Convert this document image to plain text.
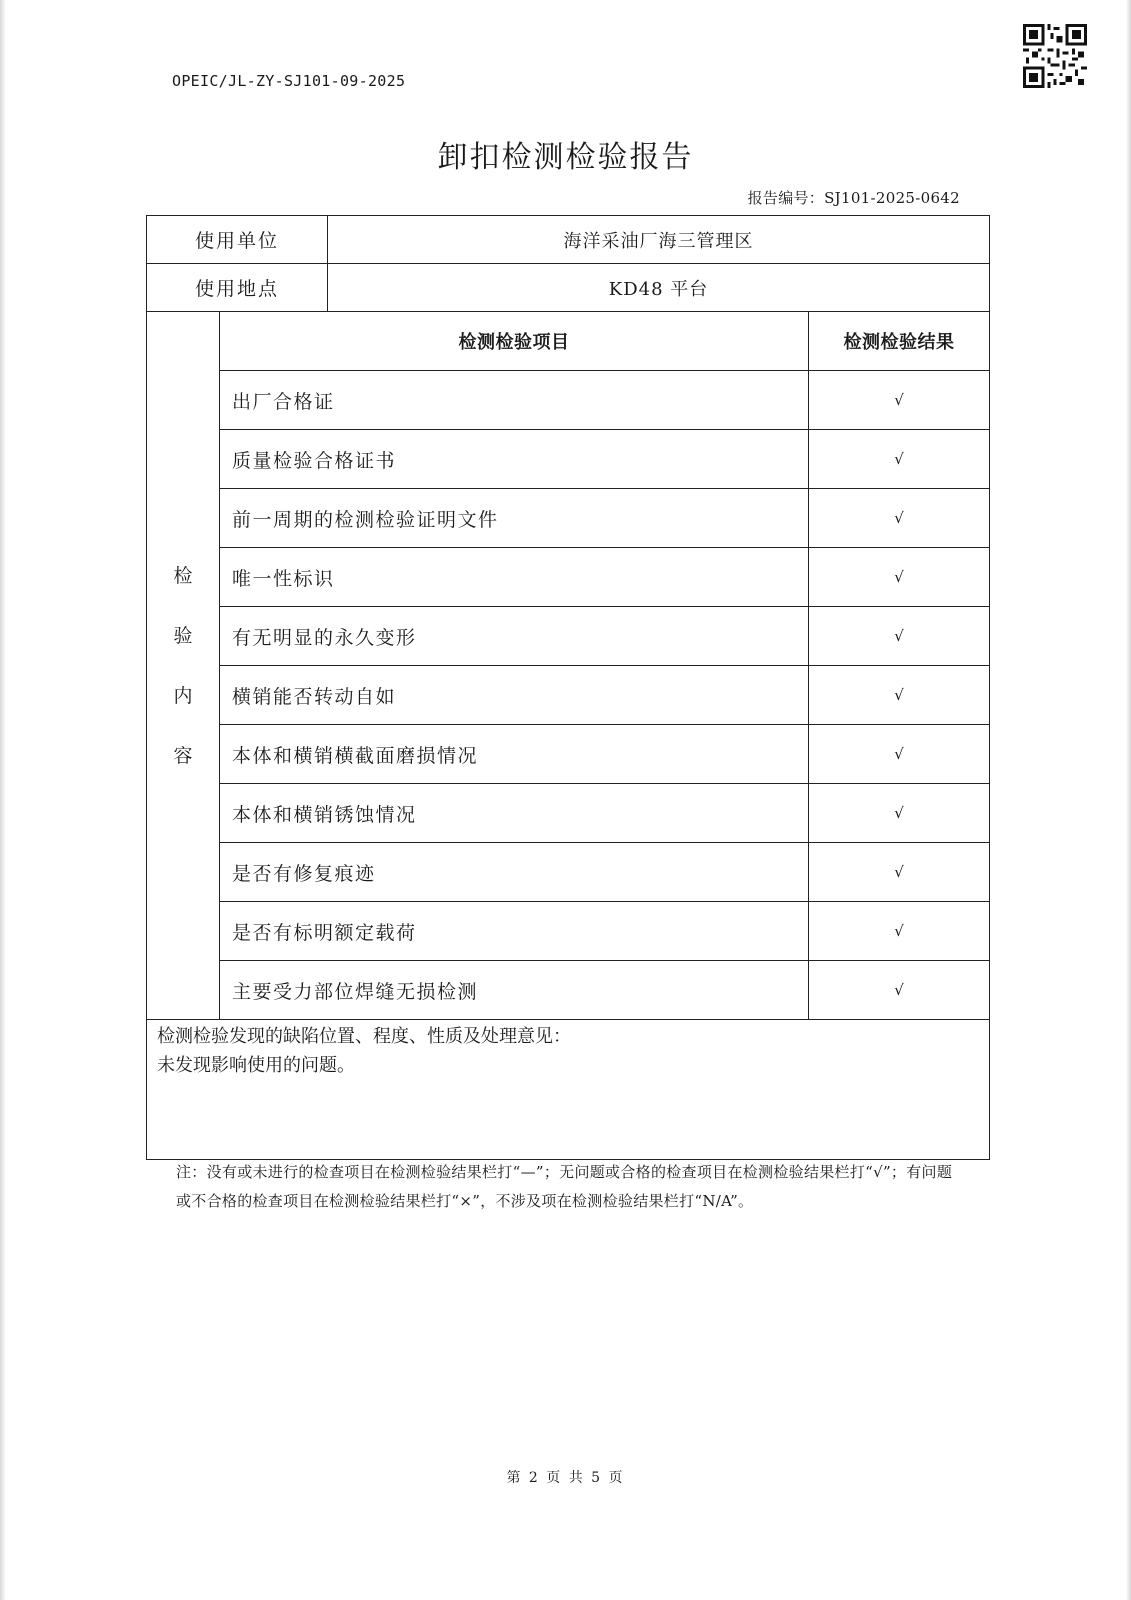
OPEIC/JL-ZY-SJ101-09-2025
卸扣检测检验报告
报告编号：SJ101-2025-0642
使用单位		海洋采油厂海三管理区	
使用地点		KD48 平台	

检
验
内
容	检测检验项目		检测检验结果
	出厂合格证		√
	质量检验合格证书		√
	前一周期的检测检验证明文件		√
	唯一性标识		√
	有无明显的永久变形		√
	横销能否转动自如		√
	本体和横销横截面磨损情况		√
	本体和横销锈蚀情况		√
	是否有修复痕迹		√
	是否有标明额定载荷		√
	主要受力部位焊缝无损检测		√

检测检验发现的缺陷位置、程度、性质及处理意见：
未发现影响使用的问题。			
注：没有或未进行的检查项目在检测检验结果栏打“—”；无问题或合格的检查项目在检测检验结果栏打“√”；有问题或不合格的检查项目在检测检验结果栏打“×”，不涉及项在检测检验结果栏打“N/A”。
第 2 页 共 5 页
